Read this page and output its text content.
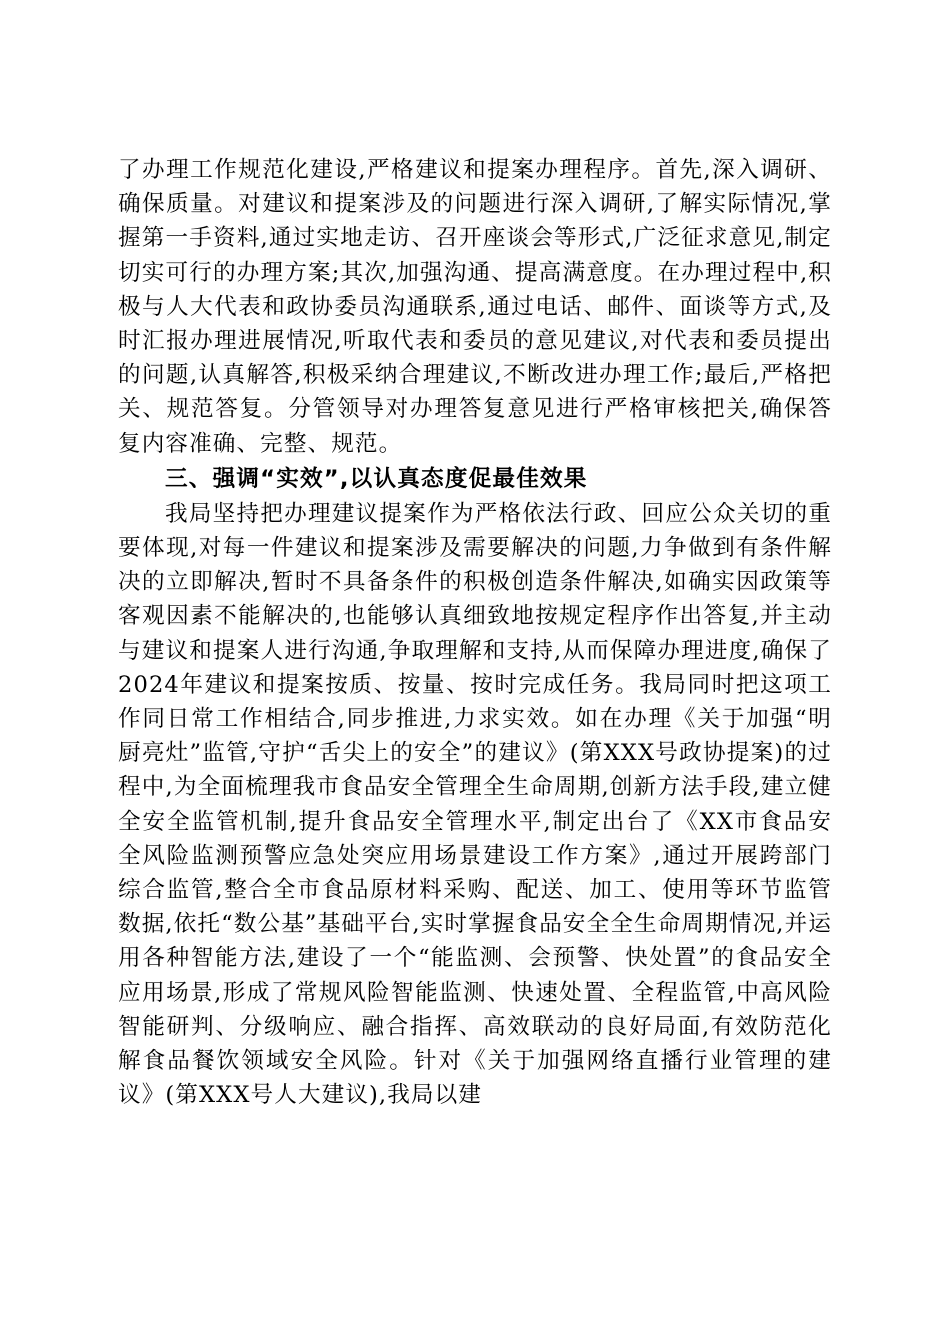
了办理工作规范化建设,严格建议和提案办理程序。首先,深入调研、确保质量。对建议和提案涉及的问题进行深入调研,了解实际情况,掌握第一手资料,通过实地走访、召开座谈会等形式,广泛征求意见,制定切实可行的办理方案;其次,加强沟通、提高满意度。在办理过程中,积极与人大代表和政协委员沟通联系,通过电话、邮件、面谈等方式,及时汇报办理进展情况,听取代表和委员的意见建议,对代表和委员提出的问题,认真解答,积极采纳合理建议,不断改进办理工作;最后,严格把关、规范答复。分管领导对办理答复意见进行严格审核把关,确保答复内容准确、完整、规范。

三、强调“实效”,以认真态度促最佳效果

我局坚持把办理建议提案作为严格依法行政、回应公众关切的重要体现,对每一件建议和提案涉及需要解决的问题,力争做到有条件解决的立即解决,暂时不具备条件的积极创造条件解决,如确实因政策等客观因素不能解决的,也能够认真细致地按规定程序作出答复,并主动与建议和提案人进行沟通,争取理解和支持,从而保障办理进度,确保了2024年建议和提案按质、按量、按时完成任务。我局同时把这项工作同日常工作相结合,同步推进,力求实效。如在办理《关于加强“明厨亮灶”监管,守护“舌尖上的安全”的建议》(第XXX号政协提案)的过程中,为全面梳理我市食品安全管理全生命周期,创新方法手段,建立健全安全监管机制,提升食品安全管理水平,制定出台了《XX市食品安全风险监测预警应急处突应用场景建设工作方案》,通过开展跨部门综合监管,整合全市食品原材料采购、配送、加工、使用等环节监管数据,依托“数公基”基础平台,实时掌握食品安全全生命周期情况,并运用各种智能方法,建设了一个“能监测、会预警、快处置”的食品安全应用场景,形成了常规风险智能监测、快速处置、全程监管,中高风险智能研判、分级响应、融合指挥、高效联动的良好局面,有效防范化解食品餐饮领域安全风险。针对《关于加强网络直播行业管理的建议》(第XXX号人大建议),我局以建
